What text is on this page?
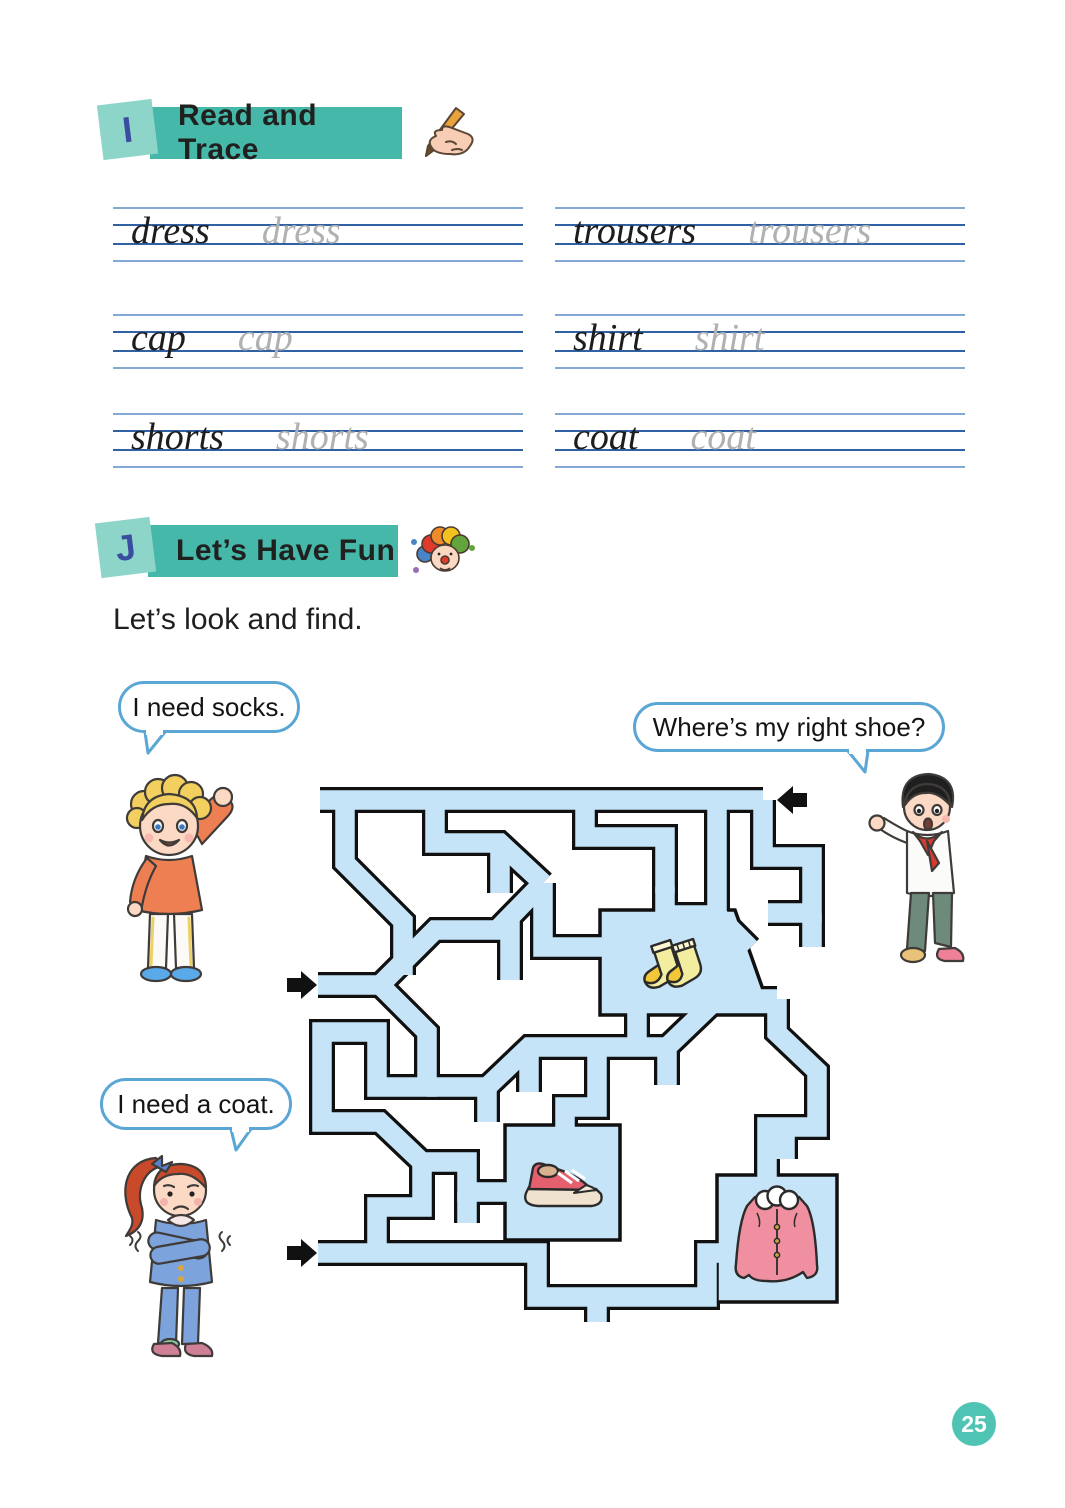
Read and Trace
I
dress dress	trousers trousers
cap cap	shirt shirt
shorts shorts	coat coat
Let’s Have Fun
J
Let’s look and find.
I need socks.
Where’s my right shoe?
I need a coat.
25
